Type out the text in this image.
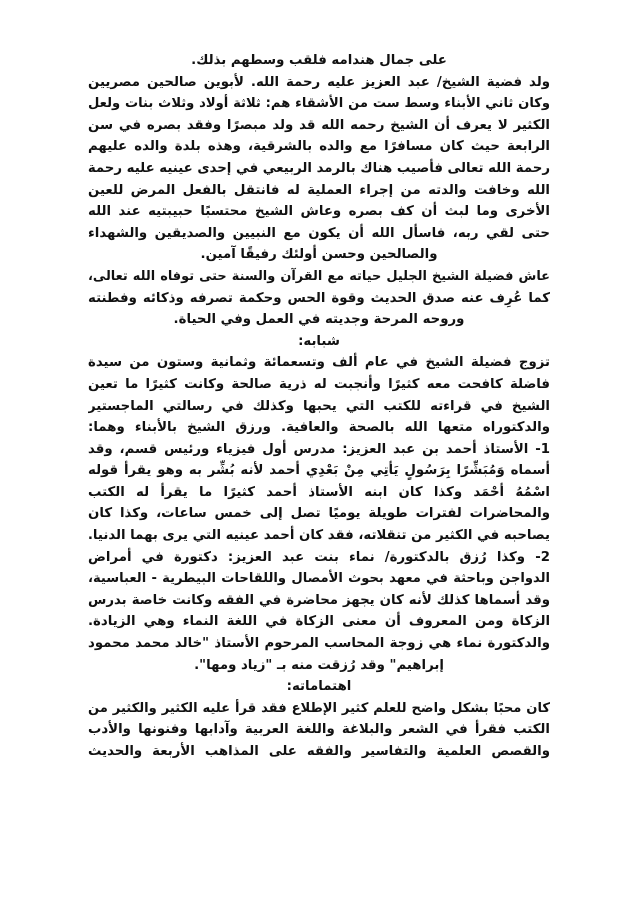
على جمال هندامه فلقب وسطهم بذلك.
ولد فضية الشيخ/ عبد العزيز عليه رحمة الله. لأبوين صالحين مصريين
وكان ثاني الأبناء وسط ست من الأشقاء هم: ثلاثة أولاد وثلاث بنات ولعل
الكثير لا يعرف أن الشيخ رحمه الله قد ولد مبصرًا وفقد بصره في سن
الرابعة حيث كان مسافرًا مع والده بالشرقية، وهذه بلدة والده عليهم
رحمة الله تعالى فأصيب هناك بالرمد الربيعي في إحدى عينيه عليه رحمة
الله وخافت والدته من إجراء العملية له فانتقل بالفعل المرض للعين
الأخرى وما لبث أن كف بصره وعاش الشيخ محتسبًا حبيبتيه عند الله
حتى لقي ربه، فاسأل الله أن يكون مع النبيين والصديقين والشهداء
والصالحين وحسن أولئك رفيقًا آمين.
عاش فضيلة الشيخ الجليل حياته مع القرآن والسنة حتى توفاه الله تعالى،
كما عُرِف عنه صدق الحديث وقوة الحس وحكمة تصرفه وذكائه وفطنته
وروحه المرحة وجديته في العمل وفي الحياة.
شبابه:
تزوج فضيلة الشيخ في عام ألف وتسعمائة وثمانية وستون من سيدة
فاضلة كافحت معه كثيرًا وأنجبت له ذرية صالحة وكانت كثيرًا ما تعين
الشيخ في قراءته للكتب التي يحبها وكذلك في رسالتي الماجستير
والدكتوراه متعها الله بالصحة والعافية. ورزق الشيخ بالأبناء وهما:
1- الأستاذ أحمد بن عبد العزيز: مدرس أول فيزياء ورئيس قسم، وقد
أسماه وَمُبَشِّرًا بِرَسُولٍ يَأْتِي مِنْ بَعْدِي أَحمد لأنه بُشِّر به وهو يقرأ قوله
اسْمُهُ أَحْمَد وكذا كان ابنه الأستاذ أحمد كثيرًا ما يقرأ له الكتب
والمحاضرات لفترات طويلة يوميًا تصل إلى خمس ساعات، وكذا كان
يصاحبه في الكثير من تنقلاته، فقد كان أحمد عينيه التي يرى بهما الدنيا.
2- وكذا رُزق بالدكتورة/ نماء بنت عبد العزيز: دكتورة في أمراض
الدواجن وباحثة في معهد بحوث الأمصال واللقاحات البيطرية - العباسية،
وقد أسماها كذلك لأنه كان يجهز محاضرة في الفقه وكانت خاصة بدرس
الزكاة ومن المعروف أن معنى الزكاة في اللغة النماء وهي الزيادة.
والدكتورة نماء هي زوجة المحاسب المرحوم الأستاذ "خالد محمد محمود
إبراهيم" وقد رُزقت منه بـ "زياد ومها".
اهتماماته:
كان محبًا بشكل واضح للعلم كثير الإطلاع فقد قرأ عليه الكثير والكثير من
الكتب فقرأ في الشعر والبلاغة واللغة العربية وآدابها وفنونها والأدب
والقصص العلمية والتفاسير والفقه على المذاهب الأربعة والحديث
